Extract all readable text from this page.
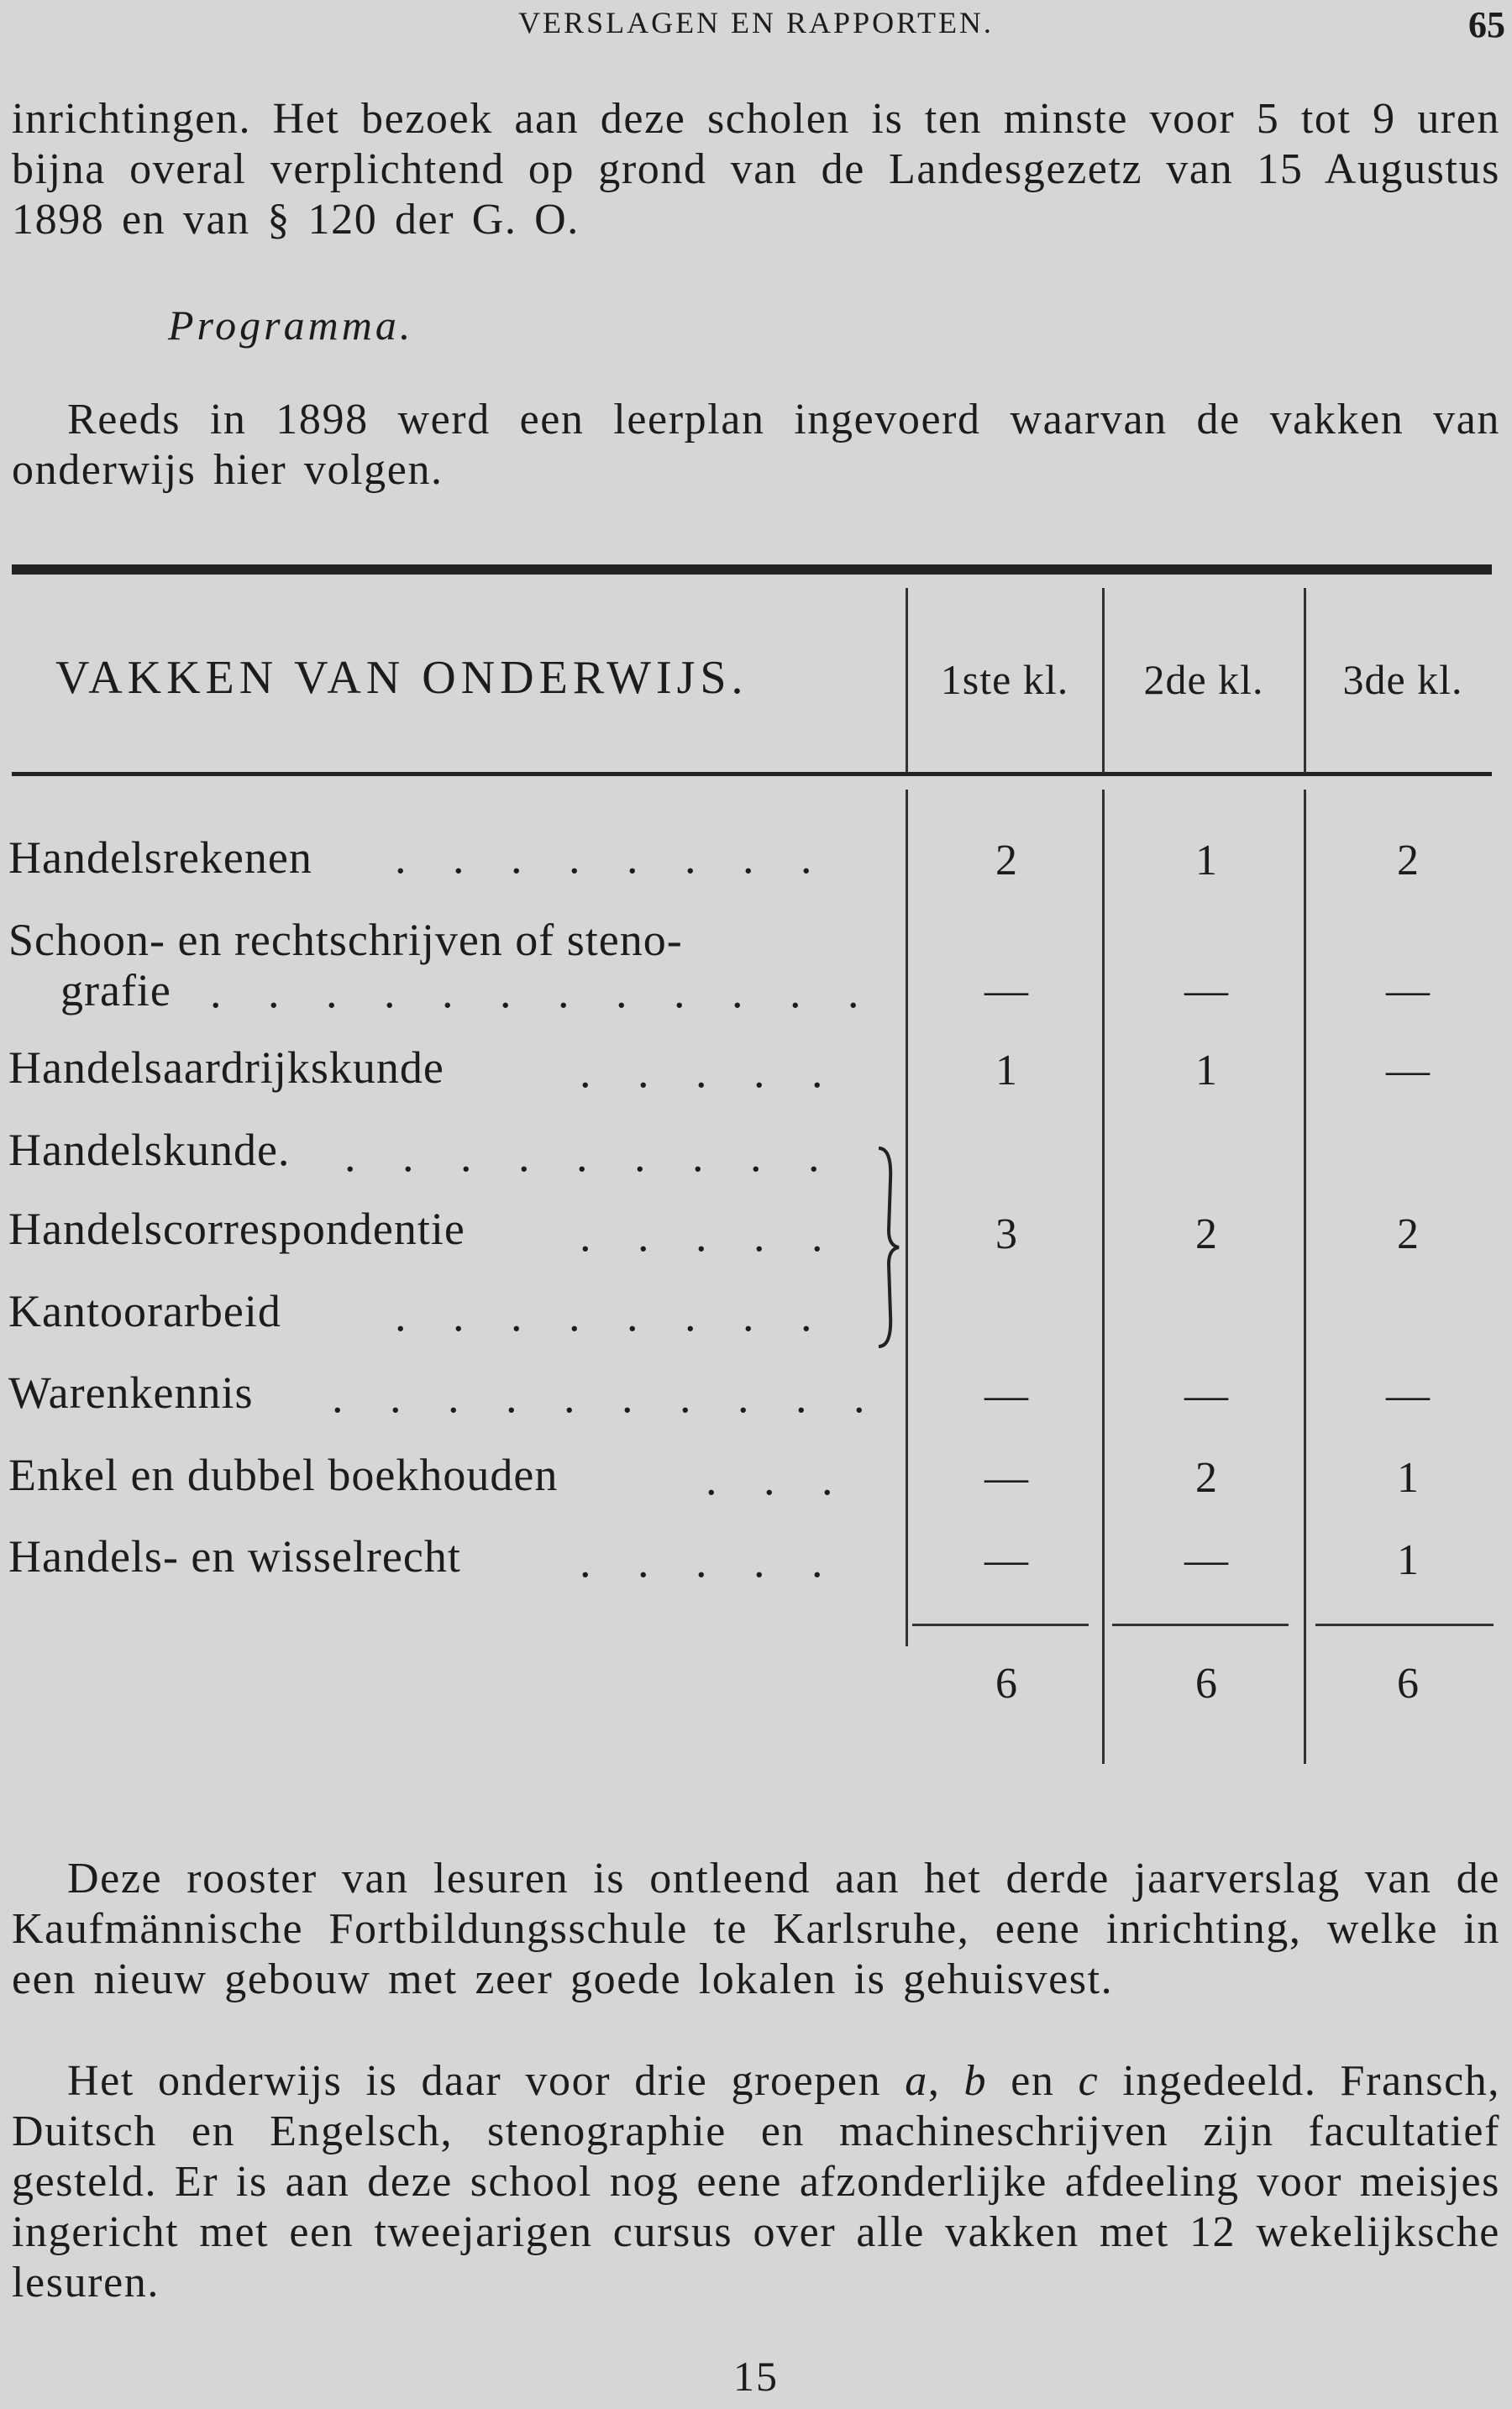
VERSLAGEN EN RAPPORTEN.	65
inrichtingen. Het bezoek aan deze scholen is ten minste voor 5 tot 9 uren bijna overal verplichtend op grond van de Landesgezetz van 15 Augustus 1898 en van § 120 der G. O.
Programma.
Reeds in 1898 werd een leerplan ingevoerd waarvan de vakken van onderwijs hier volgen.
VAKKEN VAN ONDERWIJS.	1ste kl.	2de kl.	3de kl.
Handelsrekenen	. . . . . . . .	2	1	2
Schoon- en rechtschrijven of steno-
grafie . . . . . . . . . . . .	—	—	—
Handelsaardrijkskunde	. . . . .	1	1	—
Handelskunde.	. . . . . . . . .
Handelscorrespondentie	. . . . .	3	2	2
Kantoorarbeid	. . . . . . . .
Warenkennis	. . . . . . . . . .	—	—	—
Enkel en dubbel boekhouden	. . .	—	2	1
Handels- en wisselrecht	. . . . .	—	—	1
6	6	6
Deze rooster van lesuren is ontleend aan het derde jaarverslag van de Kaufmännische Fortbildungsschule te Karlsruhe, eene inrichting, welke in een nieuw gebouw met zeer goede lokalen is gehuisvest.
Het onderwijs is daar voor drie groepen a, b en c ingedeeld. Fransch, Duitsch en Engelsch, stenographie en machineschrijven zijn facultatief gesteld. Er is aan deze school nog eene afzonderlijke afdeeling voor meisjes ingericht met een tweejarigen cursus over alle vakken met 12 wekelijksche lesuren.
15
